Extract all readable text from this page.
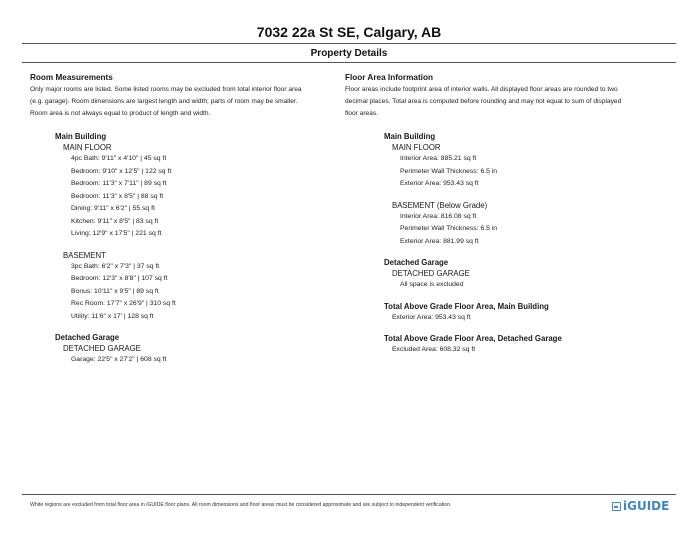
7032 22a St SE, Calgary, AB
Property Details
Room Measurements
Only major rooms are listed. Some listed rooms may be excluded from total interior floor area
(e.g. garage). Room dimensions are largest length and width; parts of room may be smaller.
Room area is not always equal to product of length and width.
Main Building
MAIN FLOOR
4pc Bath: 9'11" x 4'10" | 45 sq ft
Bedroom: 9'10" x 12'5" | 122 sq ft
Bedroom: 11'3" x 7'11" | 89 sq ft
Bedroom: 11'3" x 8'5" | 88 sq ft
Dining: 9'11" x 6'2" | 55 sq ft
Kitchen: 9'11" x 8'5" | 83 sq ft
Living: 12'9" x 17'5" | 221 sq ft
BASEMENT
3pc Bath: 6'2" x 7'3" | 37 sq ft
Bedroom: 12'3" x 8'8" | 107 sq ft
Bonus: 10'11" x 9'5" | 89 sq ft
Rec Room: 17'7" x 26'9" | 310 sq ft
Utility: 11'6" x 17' | 128 sq ft
Detached Garage
DETACHED GARAGE
Garage: 22'5" x 27'2" | 608 sq ft
Floor Area Information
Floor areas include footprint area of interior walls. All displayed floor areas are rounded to two
decimal places. Total area is computed before rounding and may not equal to sum of displayed
floor areas.
Main Building
MAIN FLOOR
Interior Area: 885.21 sq ft
Perimeter Wall Thickness: 6.5 in
Exterior Area: 953.43 sq ft
BASEMENT (Below Grade)
Interior Area: 816.08 sq ft
Perimeter Wall Thickness: 6.5 in
Exterior Area: 881.99 sq ft
Detached Garage
DETACHED GARAGE
All space is excluded
Total Above Grade Floor Area, Main Building
Exterior Area: 953.43 sq ft
Total Above Grade Floor Area, Detached Garage
Excluded Area: 608.32 sq ft
White regions are excluded from total floor area in iGUIDE floor plans. All room dimensions and floor areas must be considered approximate and are subject to independent verification.	iGUIDE
